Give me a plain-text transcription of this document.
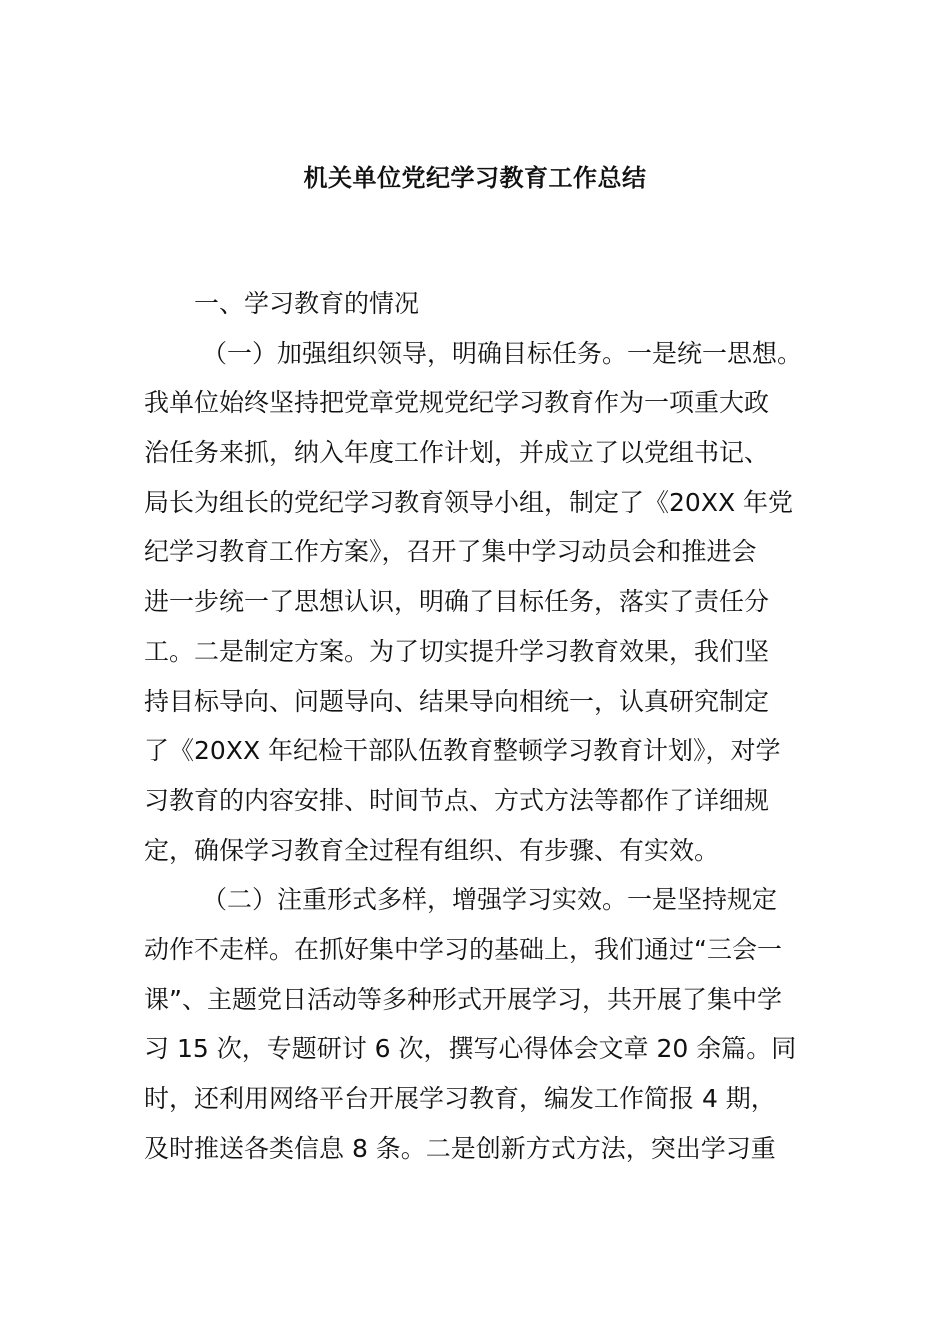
机关单位党纪学习教育工作总结
一、学习教育的情况
（一）加强组织领导，明确目标任务。一是统一思想。
我单位始终坚持把党章党规党纪学习教育作为一项重大政
治任务来抓，纳入年度工作计划，并成立了以党组书记、
局长为组长的党纪学习教育领导小组，制定了《20XX 年党
纪学习教育工作方案》，召开了集中学习动员会和推进会
进一步统一了思想认识，明确了目标任务，落实了责任分
工。二是制定方案。为了切实提升学习教育效果，我们坚
持目标导向、问题导向、结果导向相统一，认真研究制定
了《20XX 年纪检干部队伍教育整顿学习教育计划》，对学
习教育的内容安排、时间节点、方式方法等都作了详细规
定，确保学习教育全过程有组织、有步骤、有实效。
（二）注重形式多样，增强学习实效。一是坚持规定
动作不走样。在抓好集中学习的基础上，我们通过“三会一
课”、主题党日活动等多种形式开展学习，共开展了集中学
习 15 次，专题研讨 6 次，撰写心得体会文章 20 余篇。同
时，还利用网络平台开展学习教育，编发工作简报 4 期，
及时推送各类信息 8 条。二是创新方式方法，突出学习重
